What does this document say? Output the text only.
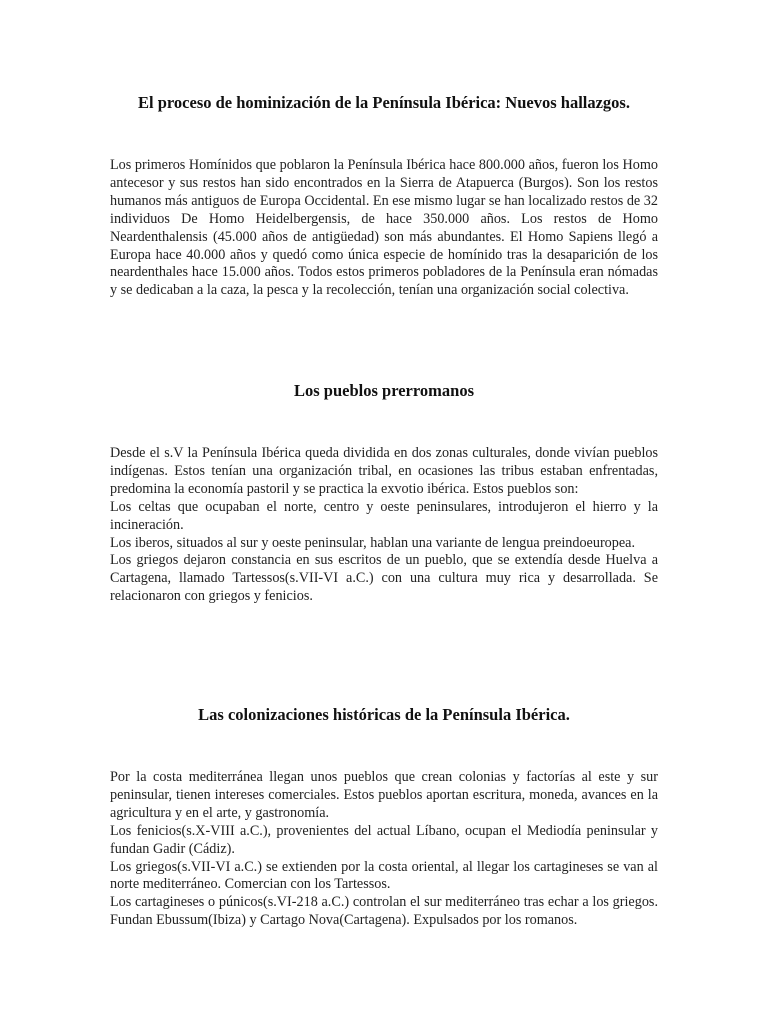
El proceso de hominización de la Península Ibérica: Nuevos hallazgos.

Los primeros Homínidos que poblaron la Península Ibérica hace 800.000 años, fueron los Homo antecesor y sus restos han sido encontrados en la Sierra de Atapuerca (Burgos). Son los restos humanos más antiguos de Europa Occidental. En ese mismo lugar se han localizado restos de 32 individuos De Homo Heidelbergensis, de hace 350.000 años. Los restos de Homo Neardenthalensis (45.000 años de antigüedad) son más abundantes. El Homo Sapiens llegó a Europa hace 40.000 años y quedó como única especie de homínido tras la desaparición de los neardenthales hace 15.000 años. Todos estos primeros pobladores de la Península eran nómadas y se dedicaban a la caza, la pesca y la recolección, tenían una organización social colectiva.

Los pueblos prerromanos

Desde el s.V la Península Ibérica queda dividida en dos zonas culturales, donde vivían pueblos indígenas. Estos tenían una organización tribal, en ocasiones las tribus estaban enfrentadas, predomina la economía pastoril y se practica la exvotio ibérica. Estos pueblos son:

Los celtas que ocupaban el norte, centro y oeste peninsulares, introdujeron el hierro y la incineración.

Los iberos, situados al sur y oeste peninsular, hablan una variante de lengua preindoeuropea.

Los griegos dejaron constancia en sus escritos de un pueblo, que se extendía desde Huelva a Cartagena, llamado Tartessos(s.VII-VI a.C.) con una cultura muy rica y desarrollada. Se relacionaron con griegos y fenicios.

Las colonizaciones históricas de la Península Ibérica.

Por la costa mediterránea llegan unos pueblos que crean colonias y factorías al este y sur peninsular, tienen intereses comerciales. Estos pueblos aportan escritura, moneda, avances en la agricultura y en el arte, y gastronomía.

Los fenicios(s.X-VIII a.C.), provenientes del actual Líbano, ocupan el Mediodía peninsular y fundan Gadir (Cádiz).

Los griegos(s.VII-VI a.C.) se extienden por la costa oriental, al llegar los cartagineses se van al norte mediterráneo. Comercian con los Tartessos.

Los cartagineses o púnicos(s.VI-218 a.C.) controlan el sur mediterráneo tras echar a los griegos. Fundan Ebussum(Ibiza) y Cartago Nova(Cartagena). Expulsados por los romanos.
